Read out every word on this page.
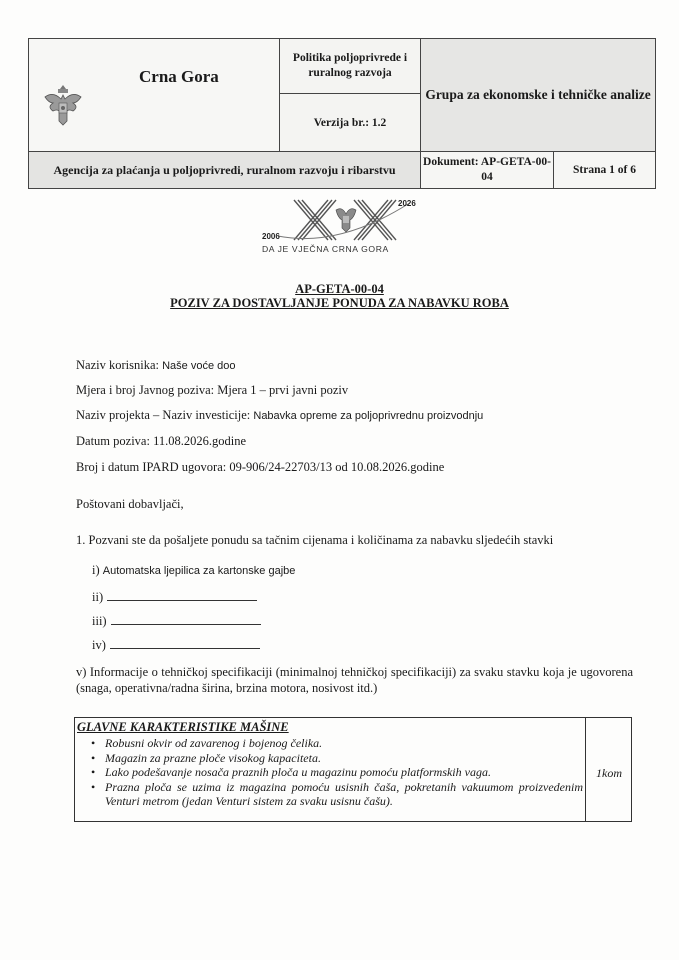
Crna Gora	Politika poljoprivrede i ruralnog razvoja	Grupa za ekonomske i tehničke analize	
	Verzija br.: 1.2		
Agencija za plaćanja u poljoprivredi, ruralnom razvoju i ribarstvu		Dokument: AP-GETA-00-04	Strana 1 of 6
2006
2026
DA JE VJEČNA CRNA GORA
AP-GETA-00-04
POZIV ZA DOSTAVLJANJE PONUDA ZA NABAVKU ROBA
Naziv korisnika: Naše voće doo
Mjera i broj Javnog poziva: Mjera 1 – prvi javni poziv
Naziv projekta – Naziv investicije: Nabavka opreme za poljoprivrednu proizvodnju
Datum poziva: 11.08.2026.godine
Broj i datum IPARD ugovora: 09-906/24-22703/13 od 10.08.2026.godine
Poštovani dobavljači,
1. Pozvani ste da pošaljete ponudu sa tačnim cijenama i količinama za nabavku sljedećih stavki
i) Automatska ljepilica za kartonske gajbe
ii)
iii)
iv)
v) Informacije o tehničkoj specifikaciji (minimalnoj tehničkoj specifikaciji) za svaku stavku koja je ugovorena (snaga, operativna/radna širina, brzina motora, nosivost itd.)
GLAVNE KARAKTERISTIKE MAŠINE
• Robusni okvir od zavarenog i bojenog čelika.
• Magazin za prazne ploče visokog kapaciteta.
• Lako podešavanje nosača praznih ploča u magazinu pomoću platformskih vaga.
• Prazna ploča se uzima iz magazina pomoću usisnih čaša, pokretanih vakuumom proizvedenim Venturi metrom (jedan Venturi sistem za svaku usisnu čašu).
1kom
